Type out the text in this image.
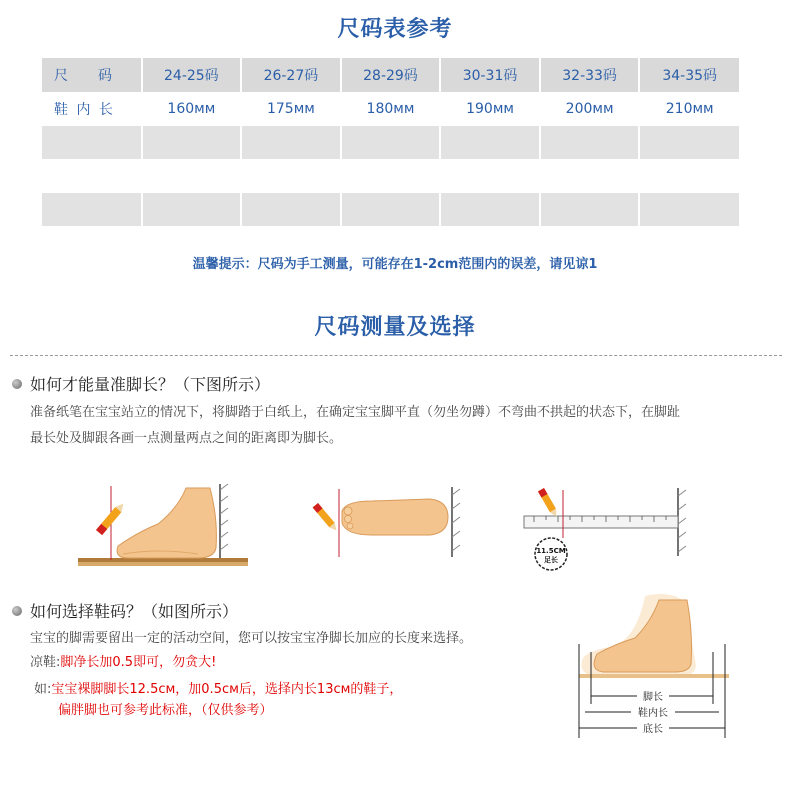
尺码表参考
尺 码	24-25码	26-27码	28-29码	30-31码	32-33码	34-35码
鞋 内 长	160мм	175мм	180мм	190мм	200мм	210мм

温馨提示：尺码为手工测量，可能存在1-2cm范围内的误差，请见谅1
尺码测量及选择
如何才能量准脚长？（下图所示）
准备纸笔在宝宝站立的情况下，将脚踏于白纸上，在确定宝宝脚平直（勿坐勿蹲）不弯曲不拱起的状态下，在脚趾
最长处及脚跟各画一点测量两点之间的距离即为脚长。
11.5CM
足长
如何选择鞋码？（如图所示）
宝宝的脚需要留出一定的活动空间，您可以按宝宝净脚长加应的长度来选择。
凉鞋:脚净长加0.5即可，勿贪大!
如:宝宝裸脚脚长12.5см，加0.5см后，选择内长13см的鞋子，
偏胖脚也可参考此标准，（仅供参考）
脚长
鞋内长
底长
